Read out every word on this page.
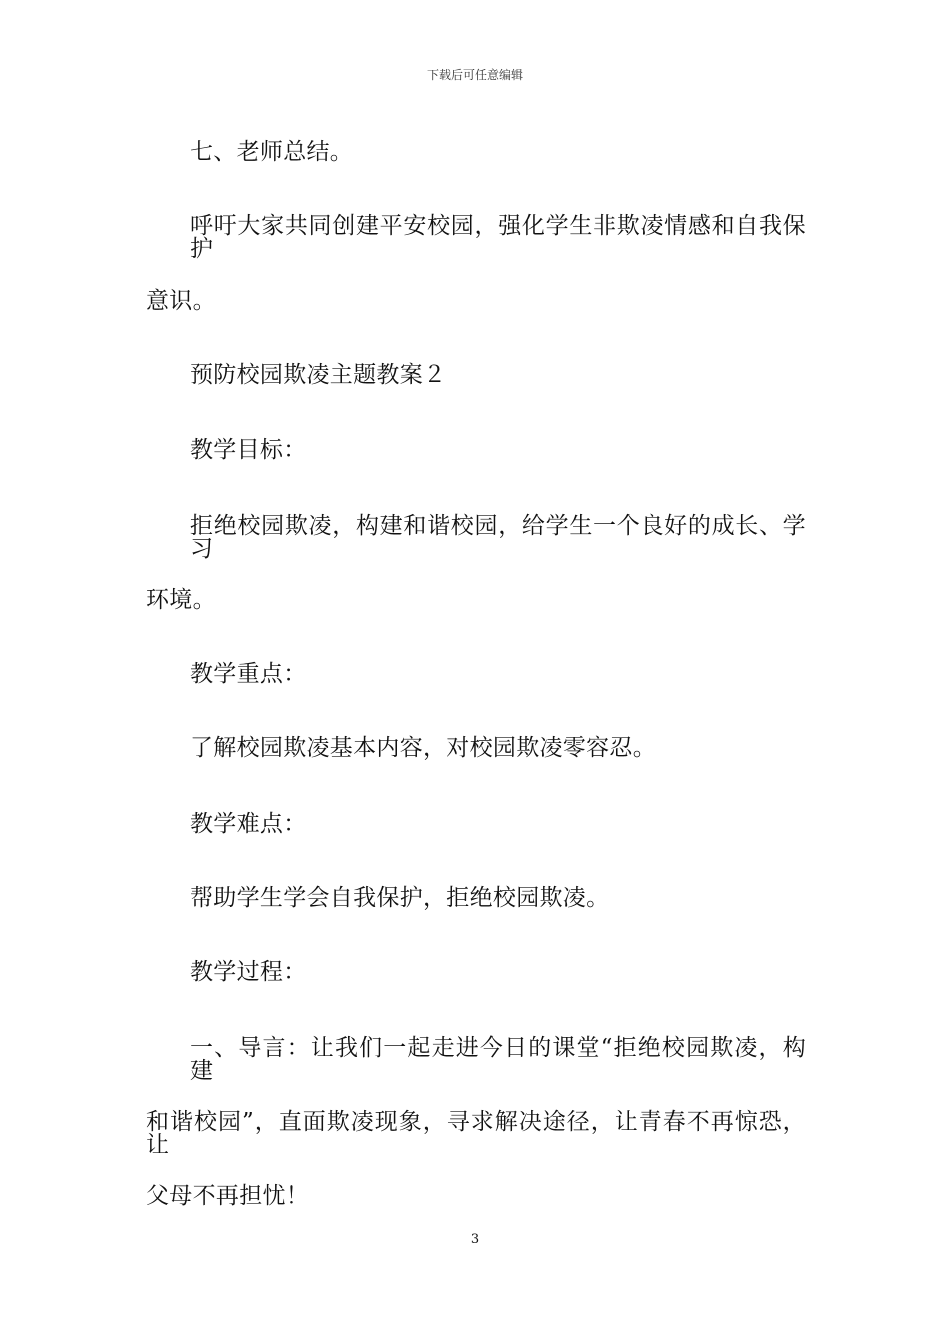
下载后可任意编辑
七、老师总结。
呼吁大家共同创建平安校园，强化学生非欺凌情感和自我保护
意识。
预防校园欺凌主题教案２
教学目标：
拒绝校园欺凌，构建和谐校园，给学生一个良好的成长、学习
环境。
教学重点：
了解校园欺凌基本内容，对校园欺凌零容忍。
教学难点：
帮助学生学会自我保护，拒绝校园欺凌。
教学过程：
一、导言：让我们一起走进今日的课堂“拒绝校园欺凌，构建
和谐校园”，直面欺凌现象，寻求解决途径，让青春不再惊恐，让
父母不再担忧！
3
